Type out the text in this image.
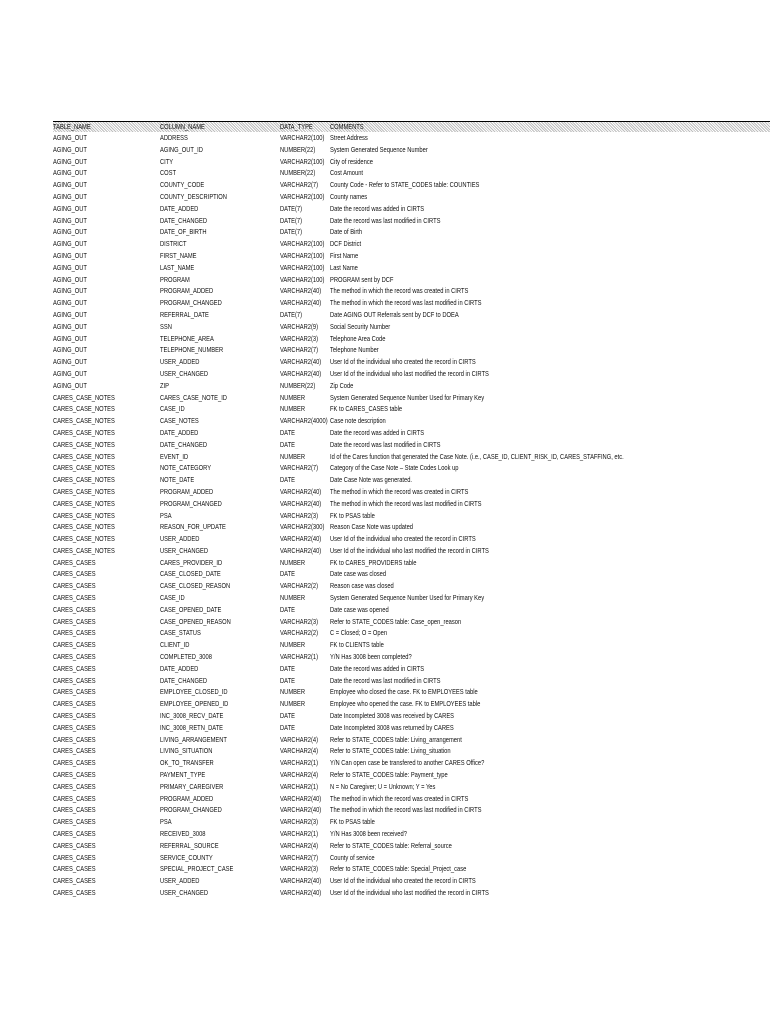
TABLE_NAME	COLUMN_NAME	DATA_TYPE COMMENTS
AGING_OUT	ADDRESS	VARCHAR2(100) Street Address
AGING_OUT	AGING_OUT_ID	NUMBER(22) System Generated Sequence Number
AGING_OUT	CITY	VARCHAR2(100) City of residence
AGING_OUT	COST	NUMBER(22) Cost Amount
AGING_OUT	COUNTY_CODE	VARCHAR2(7) County Code - Refer to STATE_CODES table: COUNTIES
AGING_OUT	COUNTY_DESCRIPTION	VARCHAR2(100) County names
AGING_OUT	DATE_ADDED	DATE(7)	Date the record was added in CIRTS
AGING_OUT	DATE_CHANGED	DATE(7)	Date the record was last modified in CIRTS
AGING_OUT	DATE_OF_BIRTH	DATE(7)	Date of Birth
AGING_OUT	DISTRICT	VARCHAR2(100) DCF District
AGING_OUT	FIRST_NAME	VARCHAR2(100) First Name
AGING_OUT	LAST_NAME	VARCHAR2(100) Last Name
AGING_OUT	PROGRAM	VARCHAR2(100) PROGRAM sent by DCF
AGING_OUT	PROGRAM_ADDED	VARCHAR2(40) The method in which the record was created in CIRTS
AGING_OUT	PROGRAM_CHANGED	VARCHAR2(40) The method in which the record was last modified in CIRTS
AGING_OUT	REFERRAL_DATE	DATE(7)	Date AGING OUT Referrals sent by DCF to DOEA
AGING_OUT	SSN	VARCHAR2(9) Social Security Number
AGING_OUT	TELEPHONE_AREA	VARCHAR2(3) Telephone Area Code
AGING_OUT	TELEPHONE_NUMBER	VARCHAR2(7) Telephone Number
AGING_OUT	USER_ADDED	VARCHAR2(40) User Id of the individual who created the record in CIRTS
AGING_OUT	USER_CHANGED	VARCHAR2(40) User Id of the individual who last modified the record in CIRTS
AGING_OUT	ZIP	NUMBER(22) Zip Code
CARES_CASE_NOTES	CARES_CASE_NOTE_ID	NUMBER	System Generated Sequence Number Used for Primary Key
CARES_CASE_NOTES	CASE_ID	NUMBER	FK to CARES_CASES table
CARES_CASE_NOTES	CASE_NOTES	VARCHAR2(4000) Case note description
CARES_CASE_NOTES	DATE_ADDED	DATE	Date the record was added in CIRTS
CARES_CASE_NOTES	DATE_CHANGED	DATE	Date the record was last modified in CIRTS
CARES_CASE_NOTES	EVENT_ID	NUMBER	Id of the Cares function that generated the Case Note. (i.e., CASE_ID, CLIENT_RISK_ID, CARES_STAFFING, etc.
CARES_CASE_NOTES	NOTE_CATEGORY	VARCHAR2(7) Category of the Case Note – State Codes Look up
CARES_CASE_NOTES	NOTE_DATE	DATE	Date Case Note was generated.
CARES_CASE_NOTES	PROGRAM_ADDED	VARCHAR2(40) The method in which the record was created in CIRTS
CARES_CASE_NOTES	PROGRAM_CHANGED	VARCHAR2(40) The method in which the record was last modified in CIRTS
CARES_CASE_NOTES	PSA	VARCHAR2(3) FK to PSAS table
CARES_CASE_NOTES	REASON_FOR_UPDATE	VARCHAR2(300) Reason Case Note was updated
CARES_CASE_NOTES	USER_ADDED	VARCHAR2(40) User Id of the individual who created the record in CIRTS
CARES_CASE_NOTES	USER_CHANGED	VARCHAR2(40) User Id of the individual who last modified the record in CIRTS
CARES_CASES	CARES_PROVIDER_ID	NUMBER	FK to CARES_PROVIDERS table
CARES_CASES	CASE_CLOSED_DATE	DATE	Date case was closed
CARES_CASES	CASE_CLOSED_REASON	VARCHAR2(2) Reason case was closed
CARES_CASES	CASE_ID	NUMBER	System Generated Sequence Number Used for Primary Key
CARES_CASES	CASE_OPENED_DATE	DATE	Date case was opened
CARES_CASES	CASE_OPENED_REASON	VARCHAR2(3) Refer to STATE_CODES table: Case_open_reason
CARES_CASES	CASE_STATUS	VARCHAR2(2) C = Closed; O = Open
CARES_CASES	CLIENT_ID	NUMBER	FK to CLIENTS table
CARES_CASES	COMPLETED_3008	VARCHAR2(1) Y/N Has 3008 been completed?
CARES_CASES	DATE_ADDED	DATE	Date the record was added in CIRTS
CARES_CASES	DATE_CHANGED	DATE	Date the record was last modified in CIRTS
CARES_CASES	EMPLOYEE_CLOSED_ID	NUMBER	Employee who closed the case. FK to EMPLOYEES table
CARES_CASES	EMPLOYEE_OPENED_ID	NUMBER	Employee who opened the case. FK to EMPLOYEES table
CARES_CASES	INC_3008_RECV_DATE	DATE	Date Incompleted 3008 was received by CARES
CARES_CASES	INC_3008_RETN_DATE	DATE	Date Incompleted 3008 was returned by CARES
CARES_CASES	LIVING_ARRANGEMENT	VARCHAR2(4) Refer to STATE_CODES table: Living_arrangement
CARES_CASES	LIVING_SITUATION	VARCHAR2(4) Refer to STATE_CODES table: Living_situation
CARES_CASES	OK_TO_TRANSFER	VARCHAR2(1) Y/N Can open case be transfered to another CARES Office?
CARES_CASES	PAYMENT_TYPE	VARCHAR2(4) Refer to STATE_CODES table: Payment_type
CARES_CASES	PRIMARY_CAREGIVER	VARCHAR2(1) N = No Caregiver; U = Unknown; Y = Yes
CARES_CASES	PROGRAM_ADDED	VARCHAR2(40) The method in which the record was created in CIRTS
CARES_CASES	PROGRAM_CHANGED	VARCHAR2(40) The method in which the record was last modified in CIRTS
CARES_CASES	PSA	VARCHAR2(3) FK to PSAS table
CARES_CASES	RECEIVED_3008	VARCHAR2(1) Y/N Has 3008 been received?
CARES_CASES	REFERRAL_SOURCE	VARCHAR2(4) Refer to STATE_CODES table: Referral_source
CARES_CASES	SERVICE_COUNTY	VARCHAR2(7) County of service
CARES_CASES	SPECIAL_PROJECT_CASE	VARCHAR2(3) Refer to STATE_CODES table: Special_Project_case
CARES_CASES	USER_ADDED	VARCHAR2(40) User Id of the individual who created the record in CIRTS
CARES_CASES	USER_CHANGED	VARCHAR2(40) User Id of the individual who last modified the record in CIRTS
